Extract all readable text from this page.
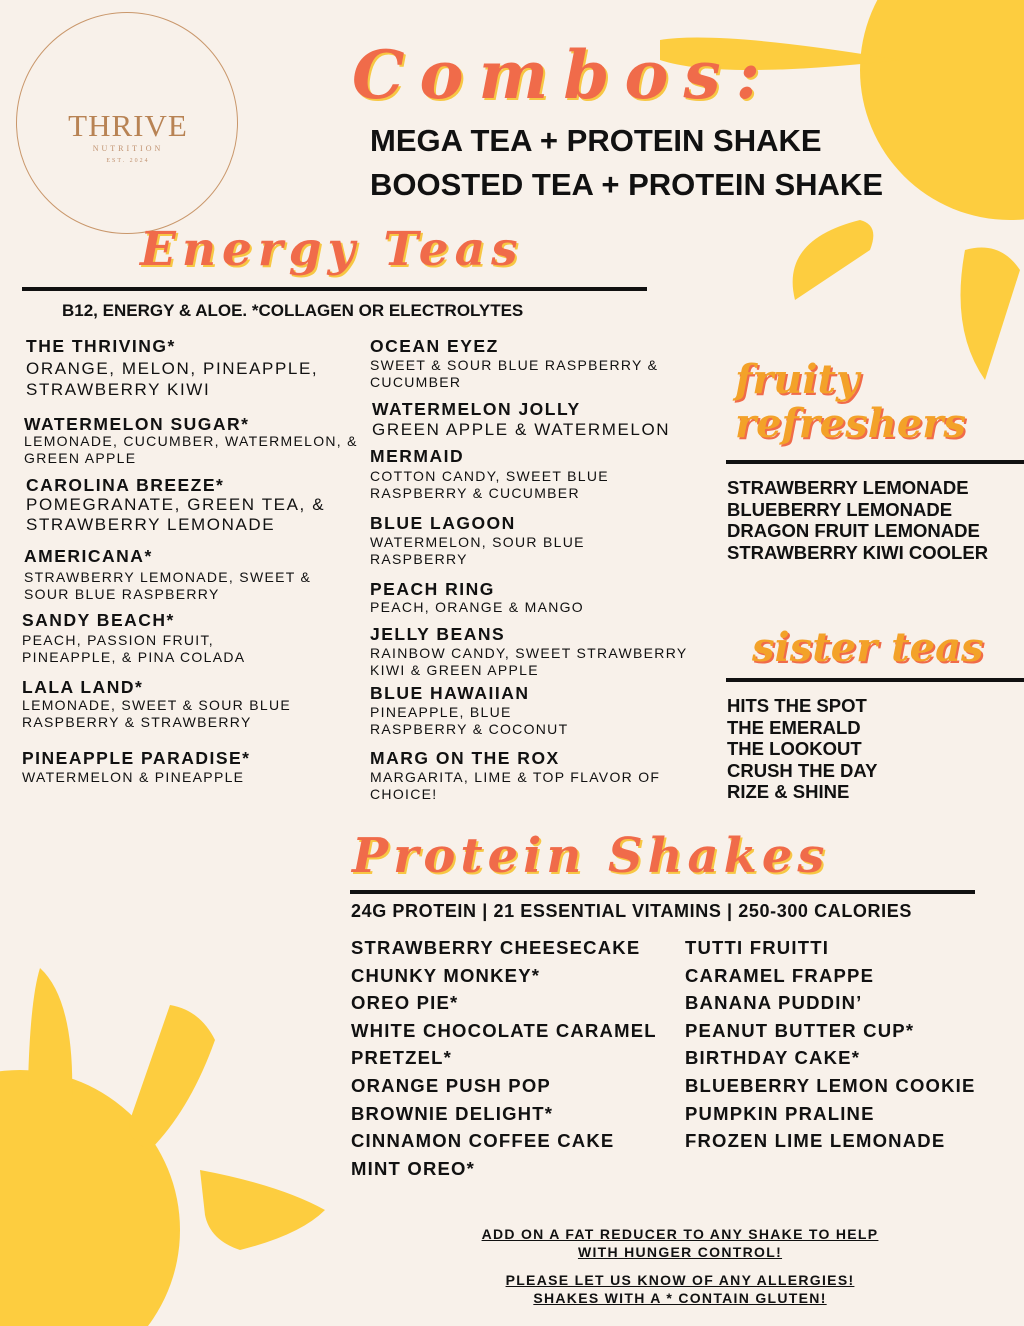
THRIVE
NUTRITION
EST. 2024
Combos:
MEGA TEA + PROTEIN SHAKE
BOOSTED TEA + PROTEIN SHAKE
Energy Teas
B12, ENERGY & ALOE. *COLLAGEN OR ELECTROLYTES
THE THRIVING*
ORANGE, MELON, PINEAPPLE, STRAWBERRY KIWI
WATERMELON SUGAR*
LEMONADE, CUCUMBER, WATERMELON, & GREEN APPLE
CAROLINA BREEZE*
POMEGRANATE, GREEN TEA, & STRAWBERRY LEMONADE
AMERICANA*
STRAWBERRY LEMONADE, SWEET & SOUR BLUE RASPBERRY
SANDY BEACH*
PEACH, PASSION FRUIT, PINEAPPLE, & PINA COLADA
LALA LAND*
LEMONADE, SWEET & SOUR BLUE RASPBERRY & STRAWBERRY
PINEAPPLE PARADISE*
WATERMELON & PINEAPPLE
OCEAN EYEZ
SWEET & SOUR BLUE RASPBERRY & CUCUMBER
WATERMELON JOLLY
GREEN APPLE & WATERMELON
MERMAID
COTTON CANDY, SWEET BLUE RASPBERRY & CUCUMBER
BLUE LAGOON
WATERMELON, SOUR BLUE RASPBERRY
PEACH RING
PEACH, ORANGE & MANGO
JELLY BEANS
RAINBOW CANDY, SWEET STRAWBERRY KIWI & GREEN APPLE
BLUE HAWAIIAN
PINEAPPLE, BLUE RASPBERRY & COCONUT
MARG ON THE ROX
MARGARITA, LIME & TOP FLAVOR OF CHOICE!
fruity
refreshers
STRAWBERRY LEMONADE
BLUEBERRY LEMONADE
DRAGON FRUIT LEMONADE
STRAWBERRY KIWI COOLER
sister teas
HITS THE SPOT
THE EMERALD
THE LOOKOUT
CRUSH THE DAY
RIZE & SHINE
Protein Shakes
24G PROTEIN | 21 ESSENTIAL VITAMINS | 250-300 CALORIES
STRAWBERRY CHEESECAKE
CHUNKY MONKEY*
OREO PIE*
WHITE CHOCOLATE CARAMEL
PRETZEL*
ORANGE PUSH POP
BROWNIE DELIGHT*
CINNAMON COFFEE CAKE
MINT OREO*
TUTTI FRUITTI
CARAMEL FRAPPE
BANANA PUDDIN’
PEANUT BUTTER CUP*
BIRTHDAY CAKE*
BLUEBERRY LEMON COOKIE
PUMPKIN PRALINE
FROZEN LIME LEMONADE
ADD ON A FAT REDUCER TO ANY SHAKE TO HELP WITH HUNGER CONTROL!
PLEASE LET US KNOW OF ANY ALLERGIES! SHAKES WITH A * CONTAIN GLUTEN!
